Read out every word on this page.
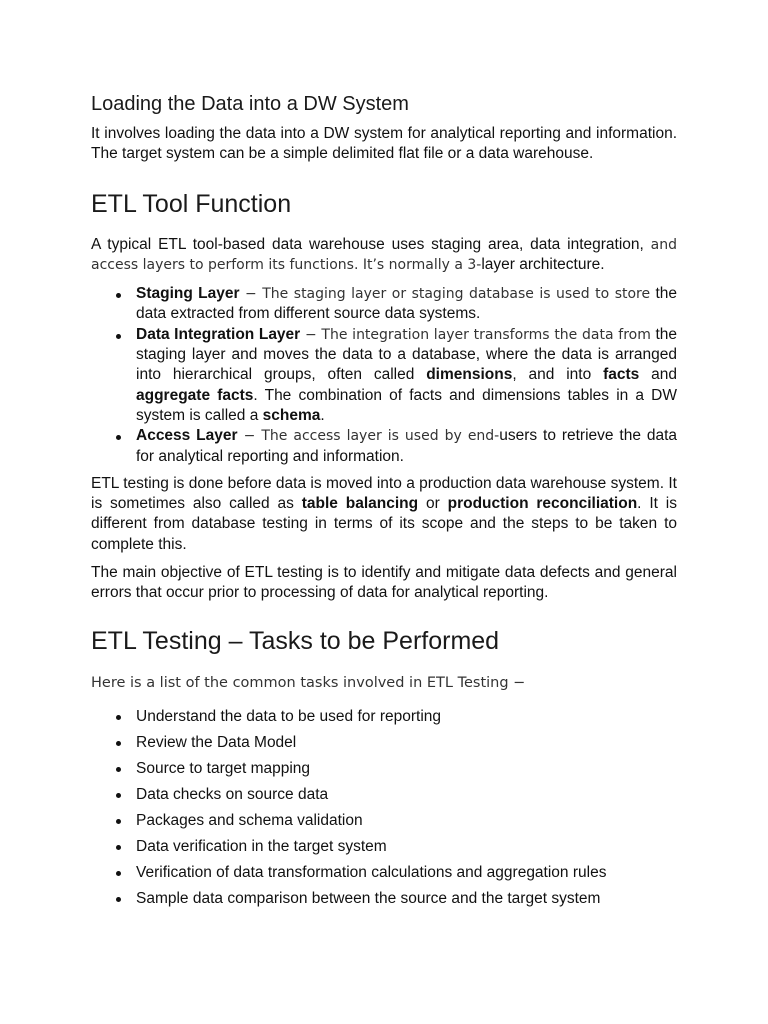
Loading the Data into a DW System

It involves loading the data into a DW system for analytical reporting and information. The target system can be a simple delimited flat file or a data warehouse.

ETL Tool Function

A typical ETL tool-based data warehouse uses staging area, data integration, and access layers to perform its functions. It’s normally a 3-layer architecture.

Staging Layer − The staging layer or staging database is used to store the data extracted from different source data systems.
Data Integration Layer − The integration layer transforms the data from the staging layer and moves the data to a database, where the data is arranged into hierarchical groups, often called dimensions, and into facts and aggregate facts. The combination of facts and dimensions tables in a DW system is called a schema.
Access Layer − The access layer is used by end-users to retrieve the data for analytical reporting and information.

ETL testing is done before data is moved into a production data warehouse system. It is sometimes also called as table balancing or production reconciliation. It is different from database testing in terms of its scope and the steps to be taken to complete this.

The main objective of ETL testing is to identify and mitigate data defects and general errors that occur prior to processing of data for analytical reporting.

ETL Testing – Tasks to be Performed

Here is a list of the common tasks involved in ETL Testing −

Understand the data to be used for reporting
Review the Data Model
Source to target mapping
Data checks on source data
Packages and schema validation
Data verification in the target system
Verification of data transformation calculations and aggregation rules
Sample data comparison between the source and the target system
